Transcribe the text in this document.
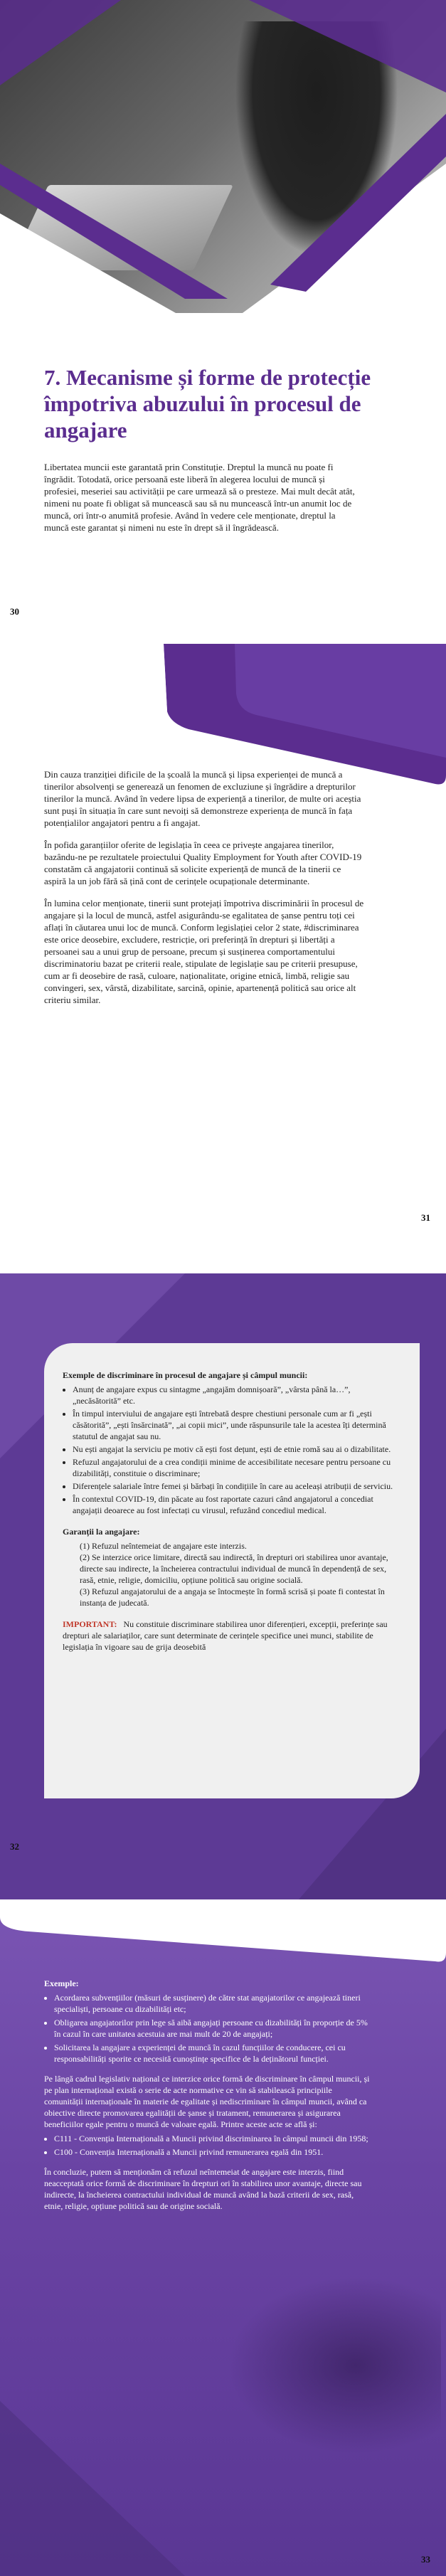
7. Mecanisme și forme de protecție împotriva abuzului în procesul de angajare

Libertatea muncii este garantată prin Constituție. Dreptul la muncă nu poate fi îngrădit. Totodată, orice persoană este liberă în alegerea locului de muncă și profesiei, meseriei sau activității pe care urmează să o presteze. Mai mult decât atât, nimeni nu poate fi obligat să muncească sau să nu muncească într-un anumit loc de muncă, ori într-o anumită profesie. Având în vedere cele menționate, dreptul la muncă este garantat și nimeni nu este în drept să il îngrădească.

30

Din cauza tranziției dificile de la școală la muncă și lipsa experienței de muncă a tinerilor absolvenți se generează un fenomen de excluziune și îngrădire a drepturilor tinerilor la muncă. Având în vedere lipsa de experiență a tinerilor, de multe ori aceștia sunt puși în situația în care sunt nevoiți să demonstreze experiența de muncă în fața potențialilor angajatori pentru a fi angajat.

În pofida garanțiilor oferite de legislația în ceea ce privește angajarea tinerilor, bazându-ne pe rezultatele proiectului Quality Employment for Youth after COVID-19 constatăm că angajatorii continuă să solicite experiență de muncă de la tinerii ce aspiră la un job fără să țină cont de cerințele ocupaționale determinante.

În lumina celor menționate, tinerii sunt protejați împotriva discriminării în procesul de angajare și la locul de muncă, astfel asigurându-se egalitatea de șanse pentru toți cei aflați în căutarea unui loc de muncă. Conform legislației celor 2 state, #discriminarea este orice deosebire, excludere, restricție, ori preferință în drepturi și libertăți a persoanei sau a unui grup de persoane, precum și susținerea comportamentului discriminatoriu bazat pe criterii reale, stipulate de legislație sau pe criterii presupuse, cum ar fi deosebire de rasă, culoare, naționalitate, origine etnică, limbă, religie sau convingeri, sex, vârstă, dizabilitate, sarcină, opinie, apartenență politică sau orice alt criteriu similar.

31
Exemple de discriminare în procesul de angajare și câmpul muncii:
• Anunț de angajare expus cu sintagme „angajăm domnișoară”, „vârsta până la…”, „necăsătorită” etc.
• În timpul interviului de angajare ești întrebată despre chestiuni personale cum ar fi „ești căsătorită”, „ești însărcinată”, „ai copii mici”, unde răspunsurile tale la acestea îți determină statutul de angajat sau nu.
• Nu ești angajat la serviciu pe motiv că ești fost dețunt, ești de etnie romă sau ai o dizabilitate.
• Refuzul angajatorului de a crea condiții minime de accesibilitate necesare pentru persoane cu dizabilități, constituie o discriminare;
• Diferențele salariale între femei și bărbați în condițiile în care au aceleași atribuții de serviciu.
• În contextul COVID-19, din păcate au fost raportate cazuri când angajatorul a concediat angajații deoarece au fost infectați cu virusul, refuzând concediul medical.
Garanții la angajare:

(1) Refuzul neîntemeiat de angajare este interzis.

(2) Se interzice orice limitare, directă sau indirectă, în drepturi ori stabilirea unor avantaje, directe sau indirecte, la încheierea contractului individual de muncă în dependență de sex, rasă, etnie, religie, domiciliu, opțiune politică sau origine socială.

(3) Refuzul angajatorului de a angaja se întocmește în formă scrisă și poate fi contestat în instanța de judecată.

IMPORTANT: Nu constituie discriminare stabilirea unor diferențieri, excepții, preferințe sau drepturi ale salariaților, care sunt determinate de cerințele specifice unei munci, stabilite de legislația în vigoare sau de grija deosebită

32
Exemple:
• Acordarea subvențiilor (măsuri de susținere) de către stat angajatorilor ce angajează tineri specialiști, persoane cu dizabilități etc;
• Obligarea angajatorilor prin lege să aibă angajați persoane cu dizabilități în proporție de 5% în cazul în care unitatea acestuia are mai mult de 20 de angajați;
• Solicitarea la angajare a experienței de muncă în cazul funcțiilor de conducere, cei cu responsabilități sporite ce necesită cunoștințe specifice de la deținătorul funcției.

Pe lângă cadrul legislativ național ce interzice orice formă de discriminare în câmpul muncii, și pe plan internațional există o serie de acte normative ce vin să stabilească principiile comunității internaționale în materie de egalitate și nediscriminare în câmpul muncii, având ca obiective directe promovarea egalității de șanse și tratament, remunerarea și asigurarea beneficiilor egale pentru o muncă de valoare egală. Printre aceste acte se află și:

• C111 - Convenția Internațională a Muncii privind discriminarea în câmpul muncii din 1958;
• C100 - Convenția Internațională a Muncii privind remunerarea egală din 1951.

În concluzie, putem să menționăm că refuzul neîntemeiat de angajare este interzis, fiind neacceptată orice formă de discriminare în drepturi ori în stabilirea unor avantaje, directe sau indirecte, la încheierea contractului individual de muncă având la bază criterii de sex, rasă, etnie, religie, opțiune politică sau de origine socială.

33
